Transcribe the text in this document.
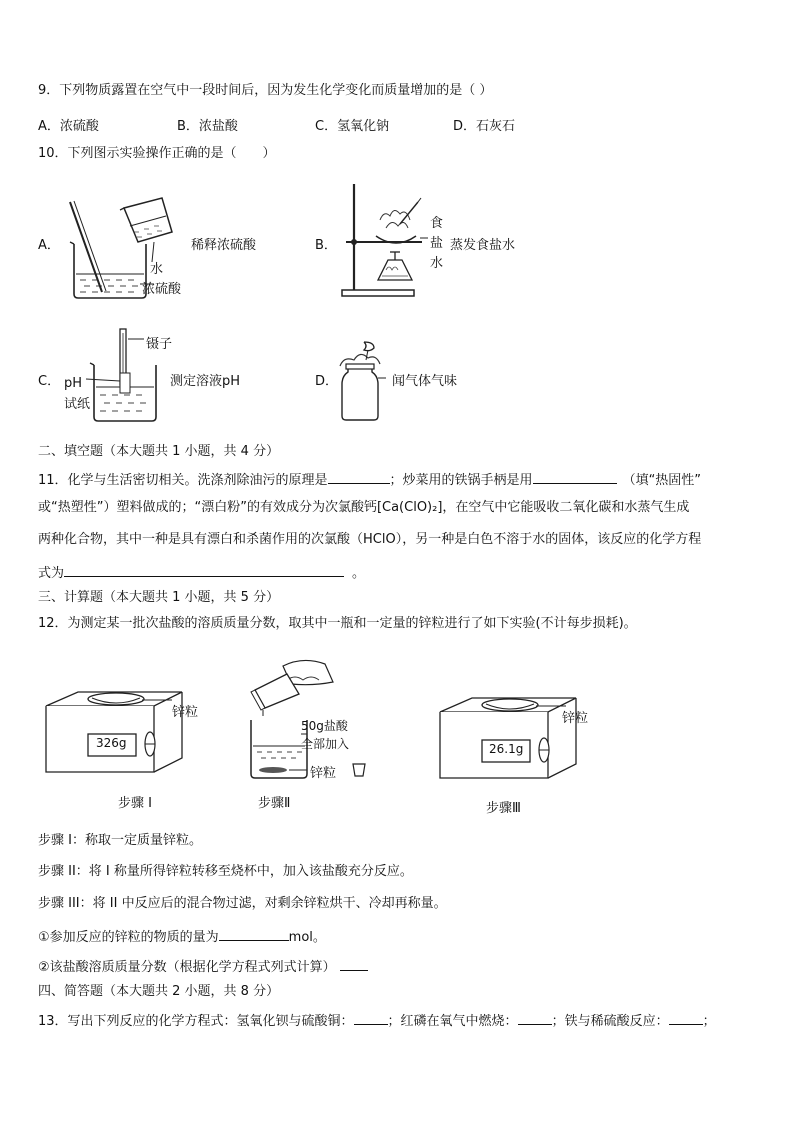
9．下列物质露置在空气中一段时间后，因为发生化学变化而质量增加的是（ ）
A．浓硫酸	B．浓盐酸	C．氢氧化钠	D．石灰石
10．下列图示实验操作正确的是（　　）
A．
水
浓硫酸
稀释浓硫酸	B．
食
盐
水
蒸发食盐水
C．
镊子
pH
试纸
测定溶液pH	D．	闻气体气味
二、填空题（本大题共 1 小题，共 4 分）
11．化学与生活密切相关。洗涤剂除油污的原理是	；炒菜用的铁锅手柄是用	（填“热固性”
或“热塑性”）塑料做成的；“漂白粉”的有效成分为次氯酸钙[Ca(ClO)₂]，在空气中它能吸收二氧化碳和水蒸气生成
两种化合物，其中一种是具有漂白和杀菌作用的次氯酸（HClO），另一种是白色不溶于水的固体，该反应的化学方程
式为	。
三、计算题（本大题共 1 小题，共 5 分）
12．为测定某一批次盐酸的溶质质量分数，取其中一瓶和一定量的锌粒进行了如下实验(不计每步损耗)。
326g
锌粒
步骤 I
50g盐酸
全部加入
锌粒
步骤Ⅱ
26.1g
锌粒
步骤Ⅲ
步骤 I：称取一定质量锌粒。
步骤 II：将 I 称量所得锌粒转移至烧杯中，加入该盐酸充分反应。
步骤 III：将 II 中反应后的混合物过滤，对剩余锌粒烘干、冷却再称量。
①参加反应的锌粒的物质的量为	mol。
②该盐酸溶质质量分数（根据化学方程式列式计算）
四、简答题（本大题共 2 小题，共 8 分）
13．写出下列反应的化学方程式：氢氧化钡与硫酸铜：	；红磷在氧气中燃烧：	；铁与稀硫酸反应：	；
